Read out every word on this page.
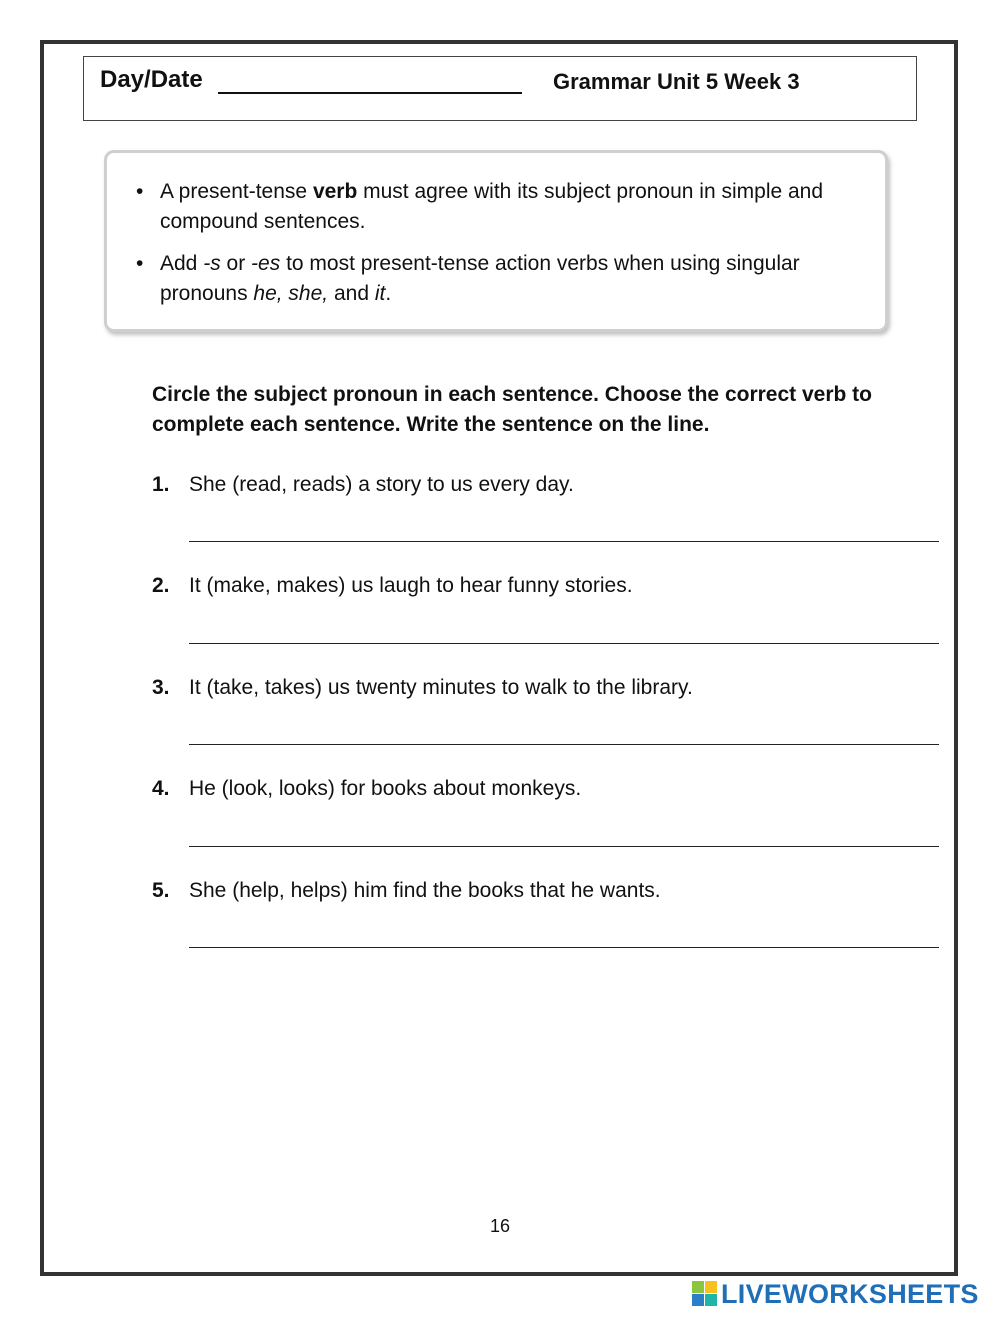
Day/Date	Grammar Unit 5 Week 3
• A present-tense verb must agree with its subject pronoun in simple and compound sentences.
• Add -s or -es to most present-tense action verbs when using singular pronouns he, she, and it.
Circle the subject pronoun in each sentence. Choose the correct verb to complete each sentence. Write the sentence on the line.
1. She (read, reads) a story to us every day.
2. It (make, makes) us laugh to hear funny stories.
3. It (take, takes) us twenty minutes to walk to the library.
4. He (look, looks) for books about monkeys.
5. She (help, helps) him find the books that he wants.
16
LIVEWORKSHEETS
